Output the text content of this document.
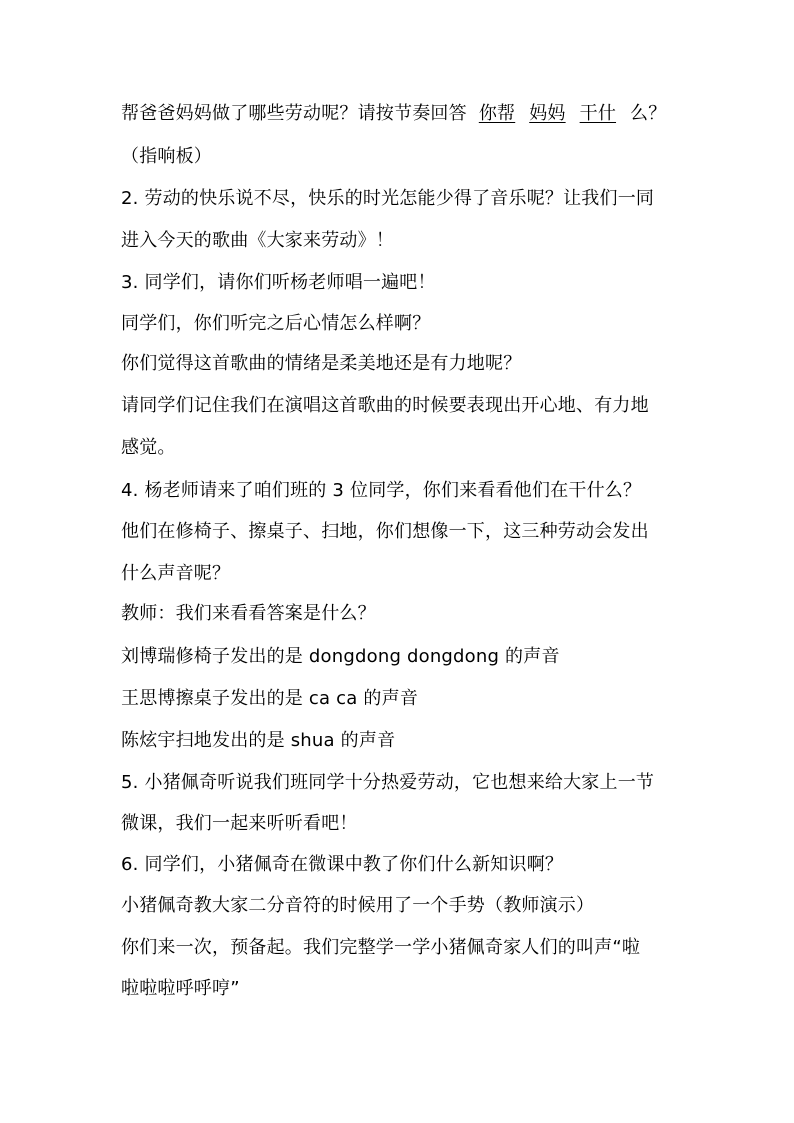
帮爸爸妈妈做了哪些劳动呢？请按节奏回答 你帮 妈妈 干什 么？
（指响板）
2. 劳动的快乐说不尽，快乐的时光怎能少得了音乐呢？让我们一同
进入今天的歌曲《大家来劳动》！
3. 同学们，请你们听杨老师唱一遍吧！
同学们，你们听完之后心情怎么样啊？
你们觉得这首歌曲的情绪是柔美地还是有力地呢？
请同学们记住我们在演唱这首歌曲的时候要表现出开心地、有力地
感觉。
4. 杨老师请来了咱们班的 3 位同学，你们来看看他们在干什么？
他们在修椅子、擦桌子、扫地，你们想像一下，这三种劳动会发出
什么声音呢？
教师：我们来看看答案是什么？
刘博瑞修椅子发出的是 dongdong dongdong 的声音
王思博擦桌子发出的是 ca ca 的声音
陈炫宇扫地发出的是 shua 的声音
5. 小猪佩奇听说我们班同学十分热爱劳动，它也想来给大家上一节
微课，我们一起来听听看吧！
6. 同学们，小猪佩奇在微课中教了你们什么新知识啊？
小猪佩奇教大家二分音符的时候用了一个手势（教师演示）
你们来一次，预备起。我们完整学一学小猪佩奇家人们的叫声“啦
啦啦啦呼呼哼”
